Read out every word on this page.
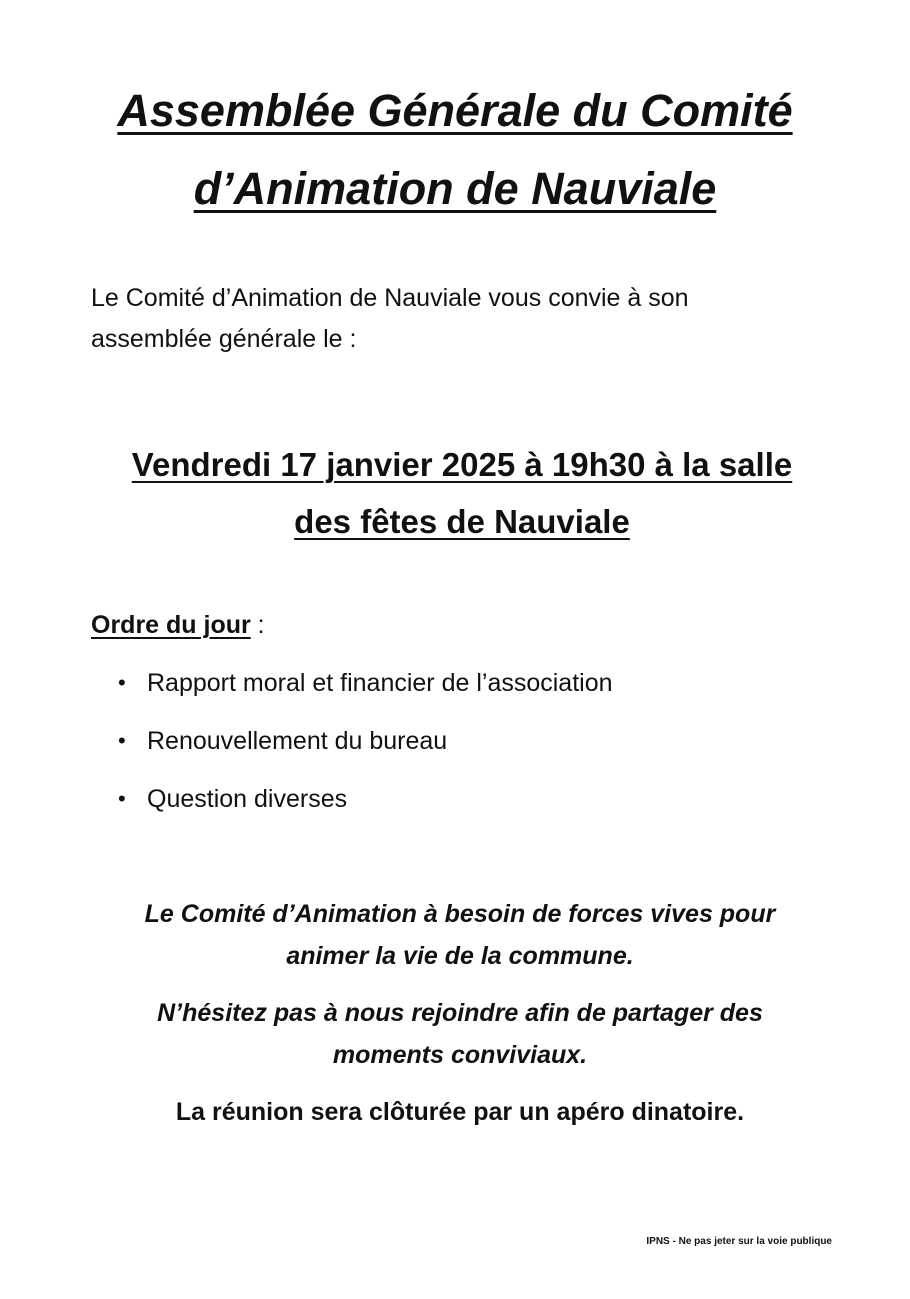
Assemblée Générale du Comité
d’Animation de Nauviale

Le Comité d’Animation de Nauviale vous convie à son
assemblée générale le :

Vendredi 17 janvier 2025 à 19h30 à la salle
des fêtes de Nauviale

Ordre du jour :

• Rapport moral et financier de l’association
• Renouvellement du bureau
• Question diverses

Le Comité d’Animation à besoin de forces vives pour
animer la vie de la commune.

N’hésitez pas à nous rejoindre afin de partager des
moments conviviaux.

La réunion sera clôturée par un apéro dinatoire.

IPNS - Ne pas jeter sur la voie publique
